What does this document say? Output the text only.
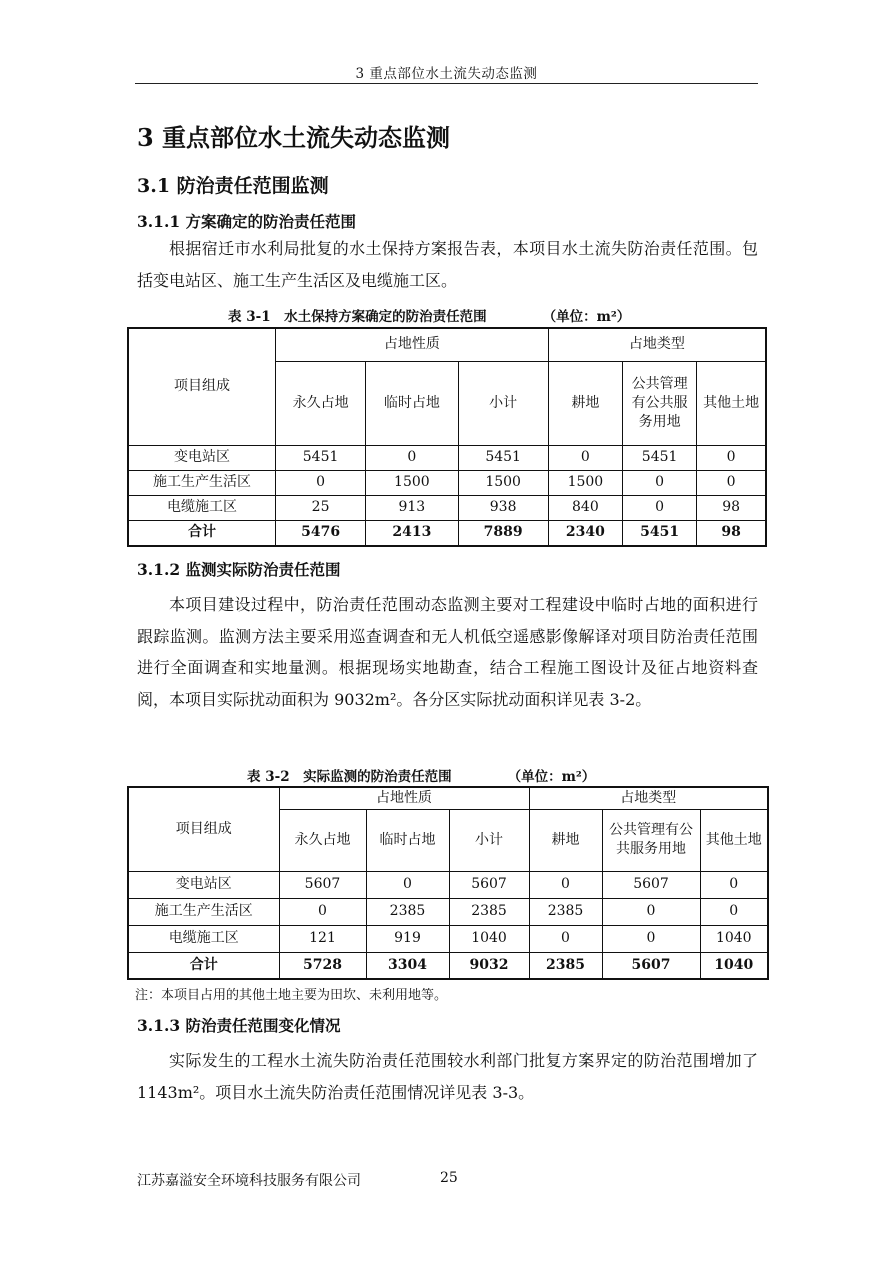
3 重点部位水土流失动态监测
3 重点部位水土流失动态监测
3.1 防治责任范围监测
3.1.1 方案确定的防治责任范围

根据宿迁市水利局批复的水土保持方案报告表，本项目水土流失防治责任范围。包括变电站区、施工生产生活区及电缆施工区。

表 3-1　水土保持方案确定的防治责任范围	（单位：m²）
项目组成	占地性质			占地类型		
	永久占地	临时占地	小计	耕地	公共管理有公共服务用地	其他土地
变电站区	5451	0	5451	0	5451	0
施工生产生活区	0	1500	1500	1500	0	0
电缆施工区	25	913	938	840	0	98
合计	5476	2413	7889	2340	5451	98
3.1.2 监测实际防治责任范围

本项目建设过程中，防治责任范围动态监测主要对工程建设中临时占地的面积进行跟踪监测。监测方法主要采用巡查调查和无人机低空遥感影像解译对项目防治责任范围进行全面调查和实地量测。根据现场实地勘查，结合工程施工图设计及征占地资料查阅，本项目实际扰动面积为 9032m²。各分区实际扰动面积详见表 3-2。

表 3-2　实际监测的防治责任范围	（单位：m²）
项目组成	占地性质			占地类型		
	永久占地	临时占地	小计	耕地	公共管理有公共服务用地	其他土地
变电站区	5607	0	5607	0	5607	0
施工生产生活区	0	2385	2385	2385	0	0
电缆施工区	121	919	1040	0	0	1040
合计	5728	3304	9032	2385	5607	1040
注：本项目占用的其他土地主要为田坎、未利用地等。
3.1.3 防治责任范围变化情况

实际发生的工程水土流失防治责任范围较水利部门批复方案界定的防治范围增加了 1143m²。项目水土流失防治责任范围情况详见表 3-3。

江苏嘉溢安全环境科技服务有限公司	25
